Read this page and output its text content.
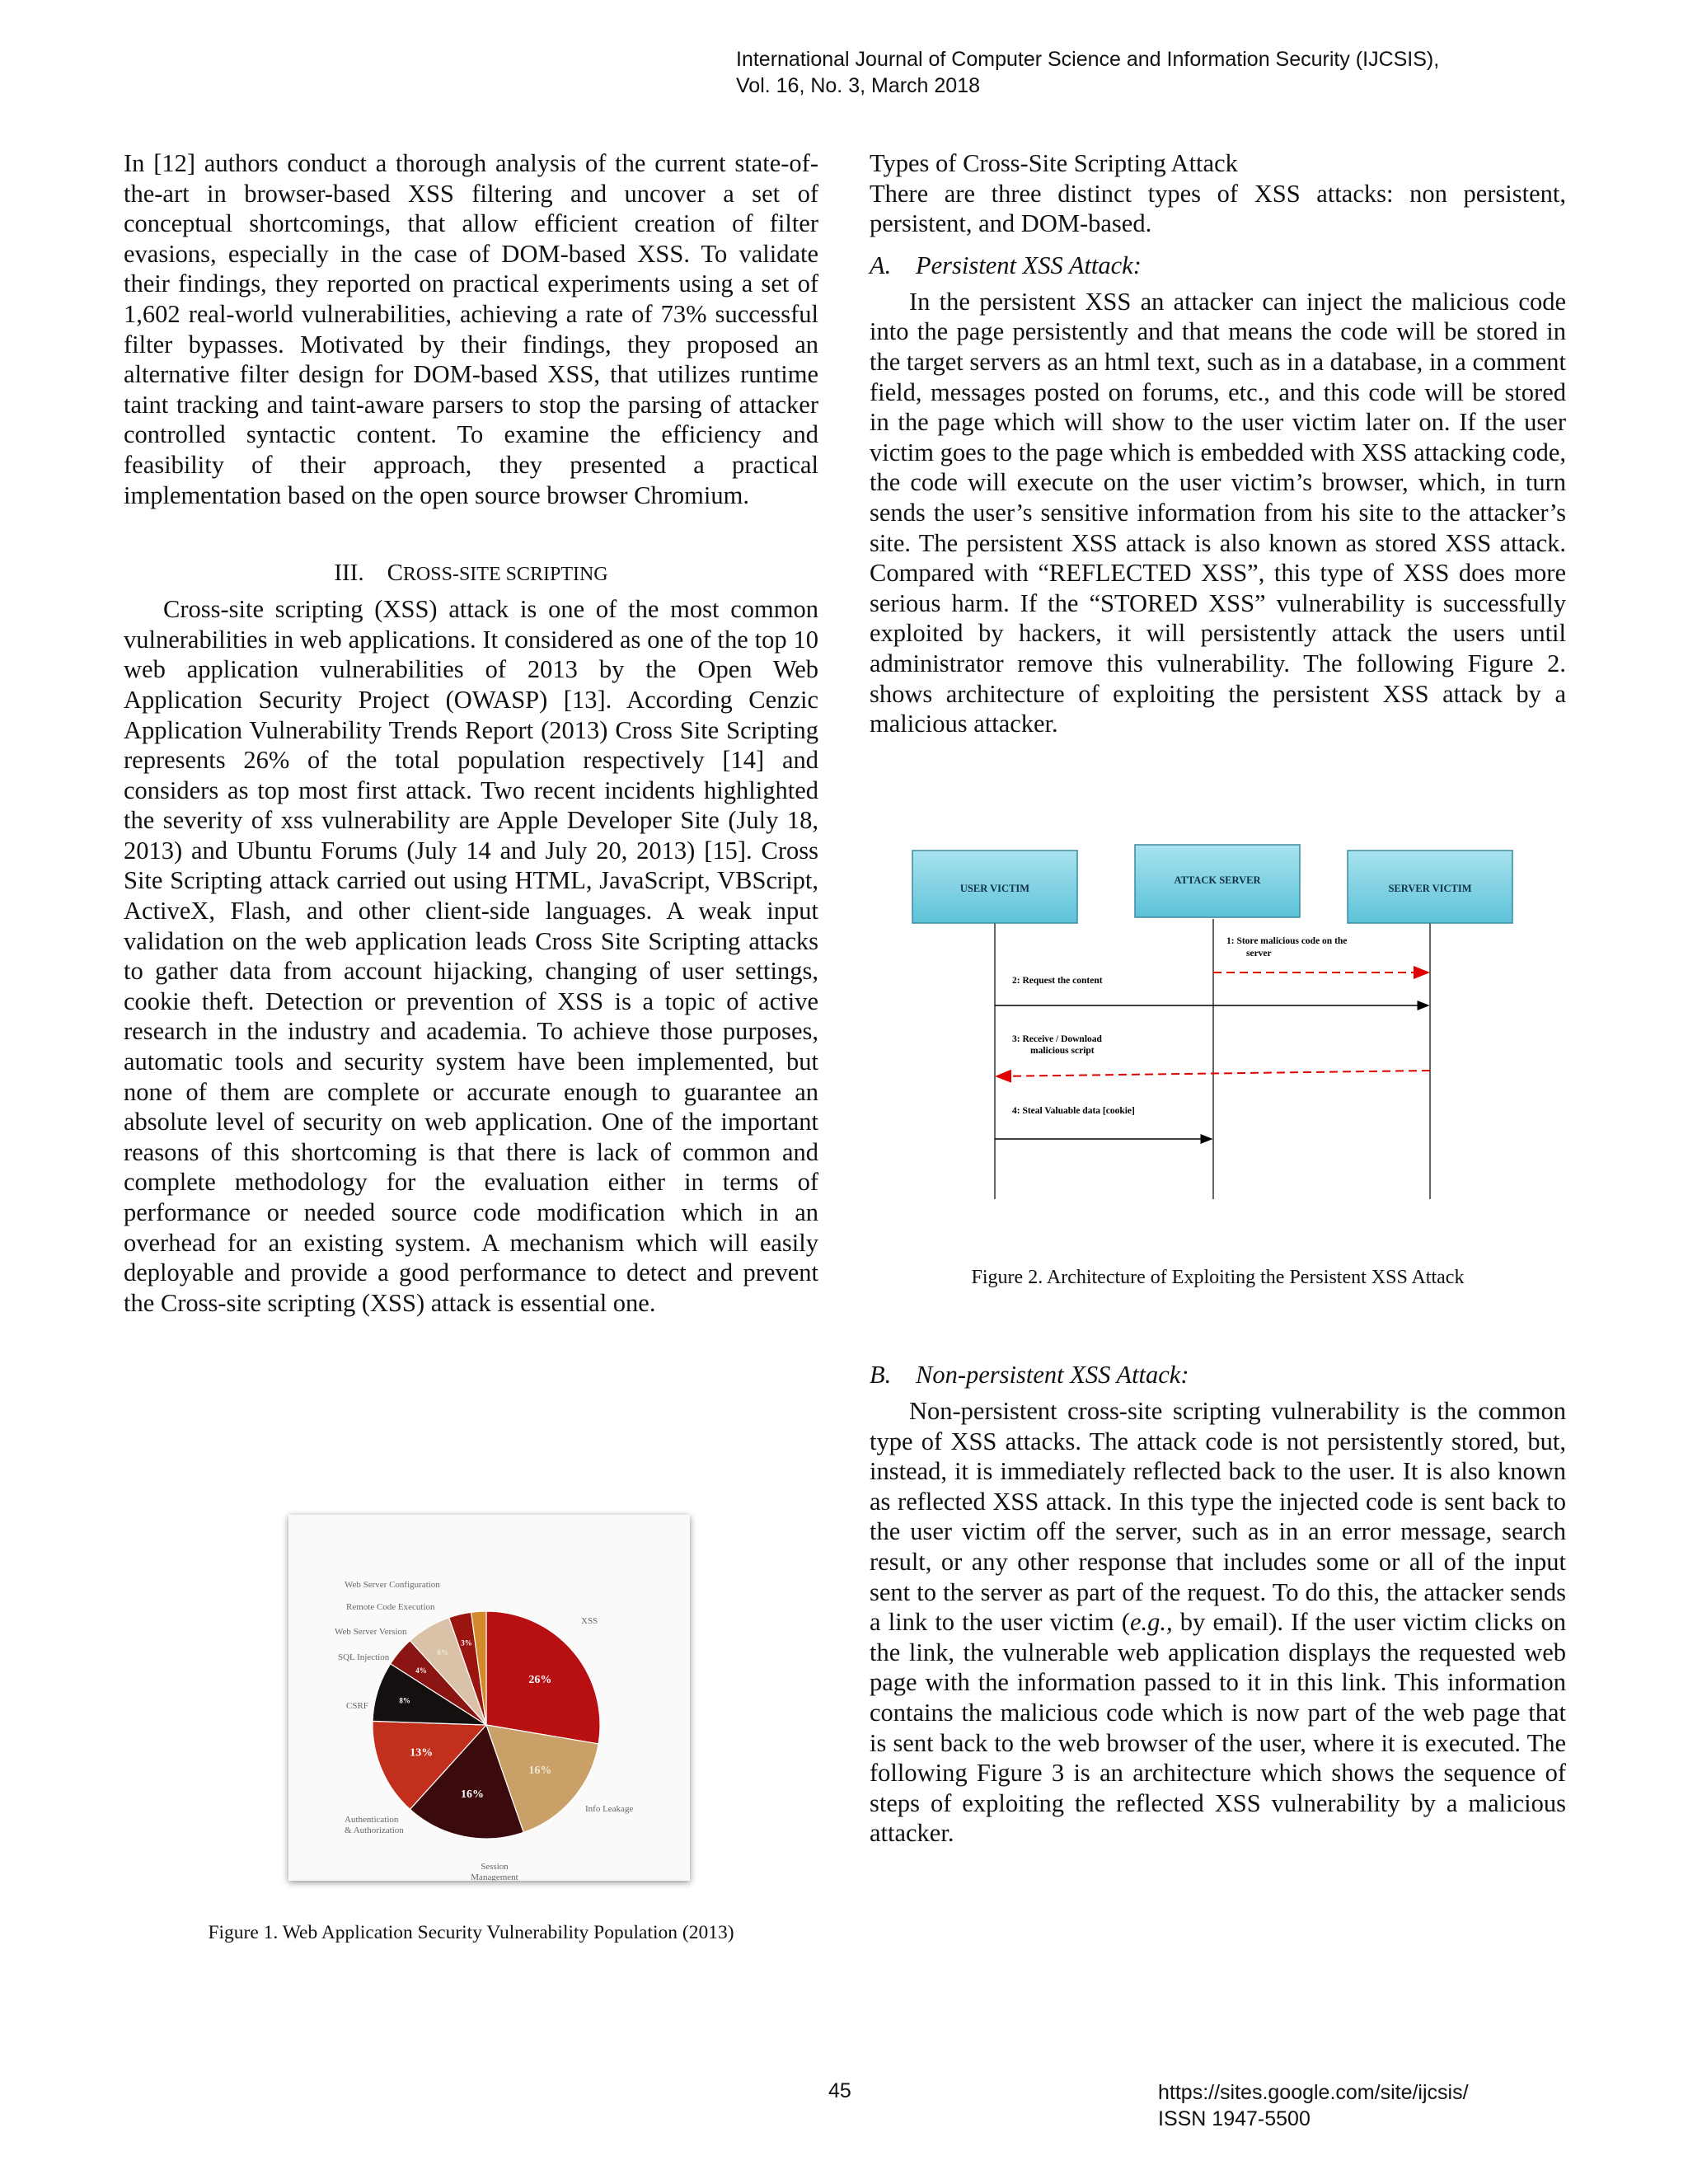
International Journal of Computer Science and Information Security (IJCSIS),
Vol. 16, No. 3, March 2018

In [12] authors conduct a thorough analysis of the current state-of-the-art in browser-based XSS filtering and uncover a set of conceptual shortcomings, that allow efficient creation of filter evasions, especially in the case of DOM-based XSS. To validate their findings, they reported on practical experiments using a set of 1,602 real-world vulnerabilities, achieving a rate of 73% successful filter bypasses. Motivated by their findings, they proposed an alternative filter design for DOM-based XSS, that utilizes runtime taint tracking and taint-aware parsers to stop the parsing of attacker controlled syntactic content. To examine the efficiency and feasibility of their approach, they presented a practical implementation based on the open source browser Chromium.

III. CROSS-SITE SCRIPTING

Cross-site scripting (XSS) attack is one of the most common vulnerabilities in web applications. It considered as one of the top 10 web application vulnerabilities of 2013 by the Open Web Application Security Project (OWASP) [13]. According Cenzic Application Vulnerability Trends Report (2013) Cross Site Scripting represents 26% of the total population respectively [14] and considers as top most first attack. Two recent incidents highlighted the severity of xss vulnerability are Apple Developer Site (July 18, 2013) and Ubuntu Forums (July 14 and July 20, 2013) [15]. Cross Site Scripting attack carried out using HTML, JavaScript, VBScript, ActiveX, Flash, and other client-side languages. A weak input validation on the web application leads Cross Site Scripting attacks to gather data from account hijacking, changing of user settings, cookie theft. Detection or prevention of XSS is a topic of active research in the industry and academia. To achieve those purposes, automatic tools and security system have been implemented, but none of them are complete or accurate enough to guarantee an absolute level of security on web application. One of the important reasons of this shortcoming is that there is lack of common and complete methodology for the evaluation either in terms of performance or needed source code modification which in an overhead for an existing system. A mechanism which will easily deployable and provide a good performance to detect and prevent the Cross-site scripting (XSS) attack is essential one.

26%
16%
16%
13%
8%
4%
6%
3%
XSS
Info Leakage
Session
Management
Authentication
& Authorization
CSRF
SQL Injection
Web Server Version
Remote Code Execution
Web Server Configuration
Figure 1. Web Application Security Vulnerability Population (2013)
Types of Cross-Site Scripting Attack

There are three distinct types of XSS attacks: non persistent, persistent, and DOM-based.

A. Persistent XSS Attack:

In the persistent XSS an attacker can inject the malicious code into the page persistently and that means the code will be stored in the target servers as an html text, such as in a database, in a comment field, messages posted on forums, etc., and this code will be stored in the page which will show to the user victim later on. If the user victim goes to the page which is embedded with XSS attacking code, the code will execute on the user victim’s browser, which, in turn sends the user’s sensitive information from his site to the attacker’s site. The persistent XSS attack is also known as stored XSS attack. Compared with “REFLECTED XSS”, this type of XSS does more serious harm. If the “STORED XSS” vulnerability is successfully exploited by hackers, it will persistently attack the users until administrator remove this vulnerability. The following Figure 2. shows architecture of exploiting the persistent XSS attack by a malicious attacker.

USER VICTIM
ATTACK SERVER
SERVER VICTIM
1: Store malicious code on the
server
2: Request the content
3: Receive / Download
malicious script
4: Steal Valuable data [cookie]
Figure 2. Architecture of Exploiting the Persistent XSS Attack
B. Non-persistent XSS Attack:

Non-persistent cross-site scripting vulnerability is the common type of XSS attacks. The attack code is not persistently stored, but, instead, it is immediately reflected back to the user. It is also known as reflected XSS attack. In this type the injected code is sent back to the user victim off the server, such as in an error message, search result, or any other response that includes some or all of the input sent to the server as part of the request. To do this, the attacker sends a link to the user victim (e.g., by email). If the user victim clicks on the link, the vulnerable web application displays the requested web page with the information passed to it in this link. This information contains the malicious code which is now part of the web page that is sent back to the web browser of the user, where it is executed. The following Figure 3 is an architecture which shows the sequence of steps of exploiting the reflected XSS vulnerability by a malicious attacker.

45	https://sites.google.com/site/ijcsis/
ISSN 1947-5500
